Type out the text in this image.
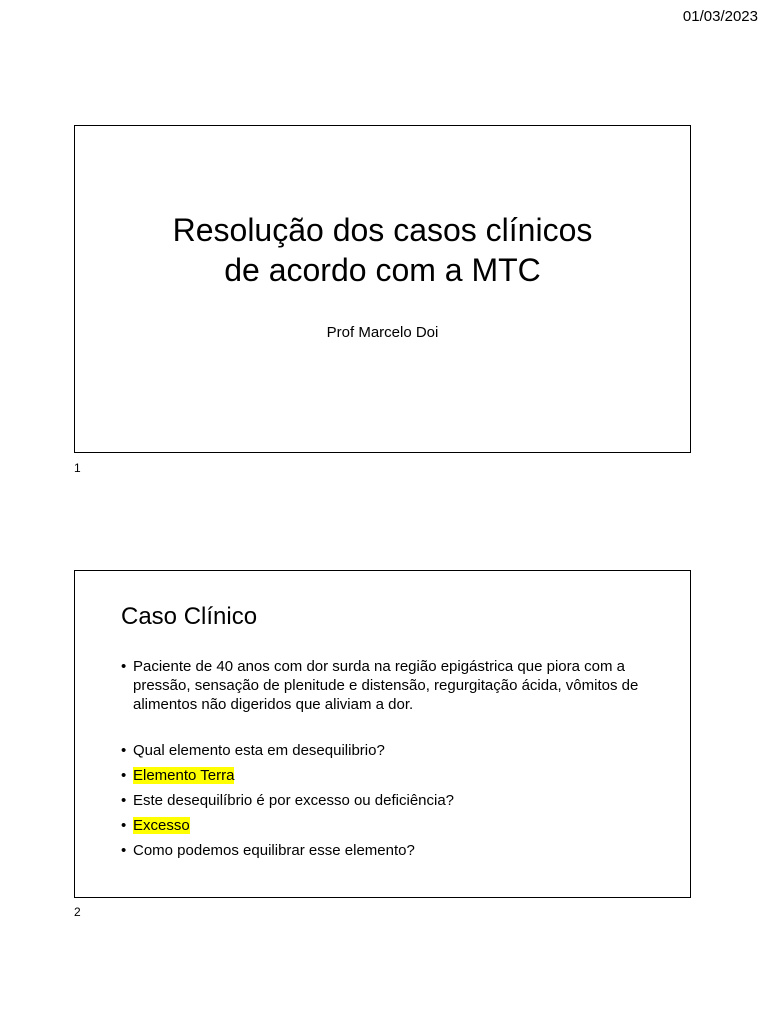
01/03/2023
Resolução dos casos clínicos
de acordo com a MTC
Prof Marcelo Doi
1
Caso Clínico
• Paciente de 40 anos com dor surda na região epigástrica que piora com a pressão, sensação de plenitude e distensão, regurgitação ácida, vômitos de alimentos não digeridos que aliviam a dor.
• Qual elemento esta em desequilibrio?
• Elemento Terra
• Este desequilíbrio é por excesso ou deficiência?
• Excesso
• Como podemos equilibrar esse elemento?
2
